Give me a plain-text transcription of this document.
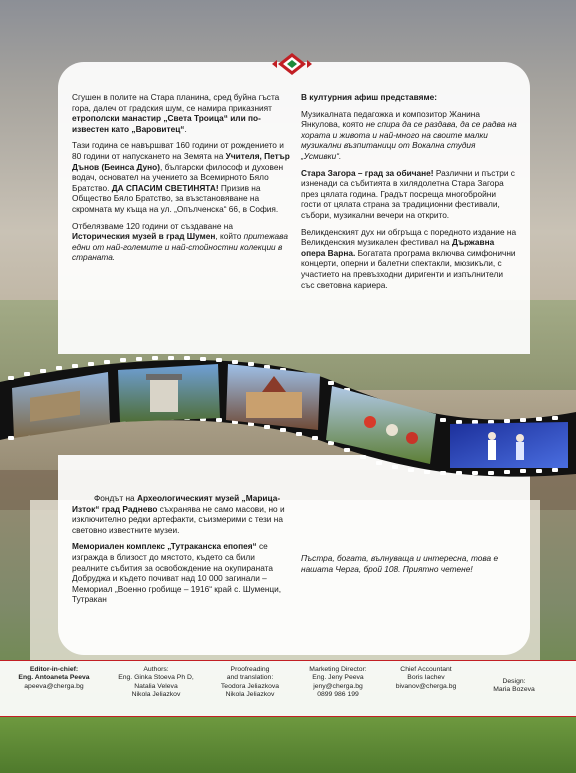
Сгушен в полите на Стара планина, сред буйна гъста гора, далеч от градския шум, се намира приказният етрополски манастир „Света Троица“ или по-известен като „Варовитец“.

Тази година се навършват 160 години от рождението и 80 години от напускането на Земята на Учителя, Петър Дънов (Беинса Дуно), български философ и духовен водач, основател на учението за Всемирното Бяло Братство. ДА СПАСИМ СВЕТИНЯТА! Призив на Общество Бяло Братство, за възстановяване на скромната му къща на ул. „Опълченска“ 66, в София.

Отбелязваме 120 години от създаване на Историческия музей в град Шумен, който притежава едни от най-големите и най-стойностни колекции в страната.

В културния афиш представяме:

Музикалната педагожка и композитор Жанина Янкулова, която не спира да се раздава, да се радва на хората и живота и най-много на своите малки музикални възпитаници от Вокална студия „Усмивки“.

Стара Загора – град за обичане! Различни и пъстри с изненади са събитията в хилядолетна Стара Загора през цялата година. Градът посреща многобройни гости от цялата страна за традиционни фестивали, събори, музикални вечери на открито.

Великденският дух ни обгръща с поредното издание на Великденския музикален фестивал на Държавна опера Варна. Богатата програма включва симфонични концерти, оперни и балетни спектакли, мюзикъли, с участието на превъзходни диригенти и изпълнители със световна кариера.

Фондът на Археологическият музей „Марица-Изток“ град Раднево съхранява не само масови, но и изключително редки артефакти, съизмерими с тези на световно известните музеи.

Мемориален комплекс „Тутраканска епопея“ се изгражда в близост до мястото, където са били реалните събития за освобождение на окупираната Добруджа и където почиват над 10 000 загинали – Мемориал „Военно гробище – 1916“ край с. Шуменци, Тутракан

Пъстра, богата, вълнуваща и интересна, това е нашата Черга, брой 108. Приятно четене!

Editor-in-chief:
Eng. Antoaneta Peeva
apeeva@cherga.bg
Authors:
Eng. Ginka Stoeva Ph D,
Natalia Veleva
Nikola Jeliazkov
Proofreading
and translation:
Teodora Jeliazkova
Nikola Jeliazkov
Marketing Director:
Eng. Jeny Peeva
jeny@cherga.bg
0899 986 199
Chief Accountant
Boris Iachev
bivanov@cherga.bg
Design:
Maria Bozeva
